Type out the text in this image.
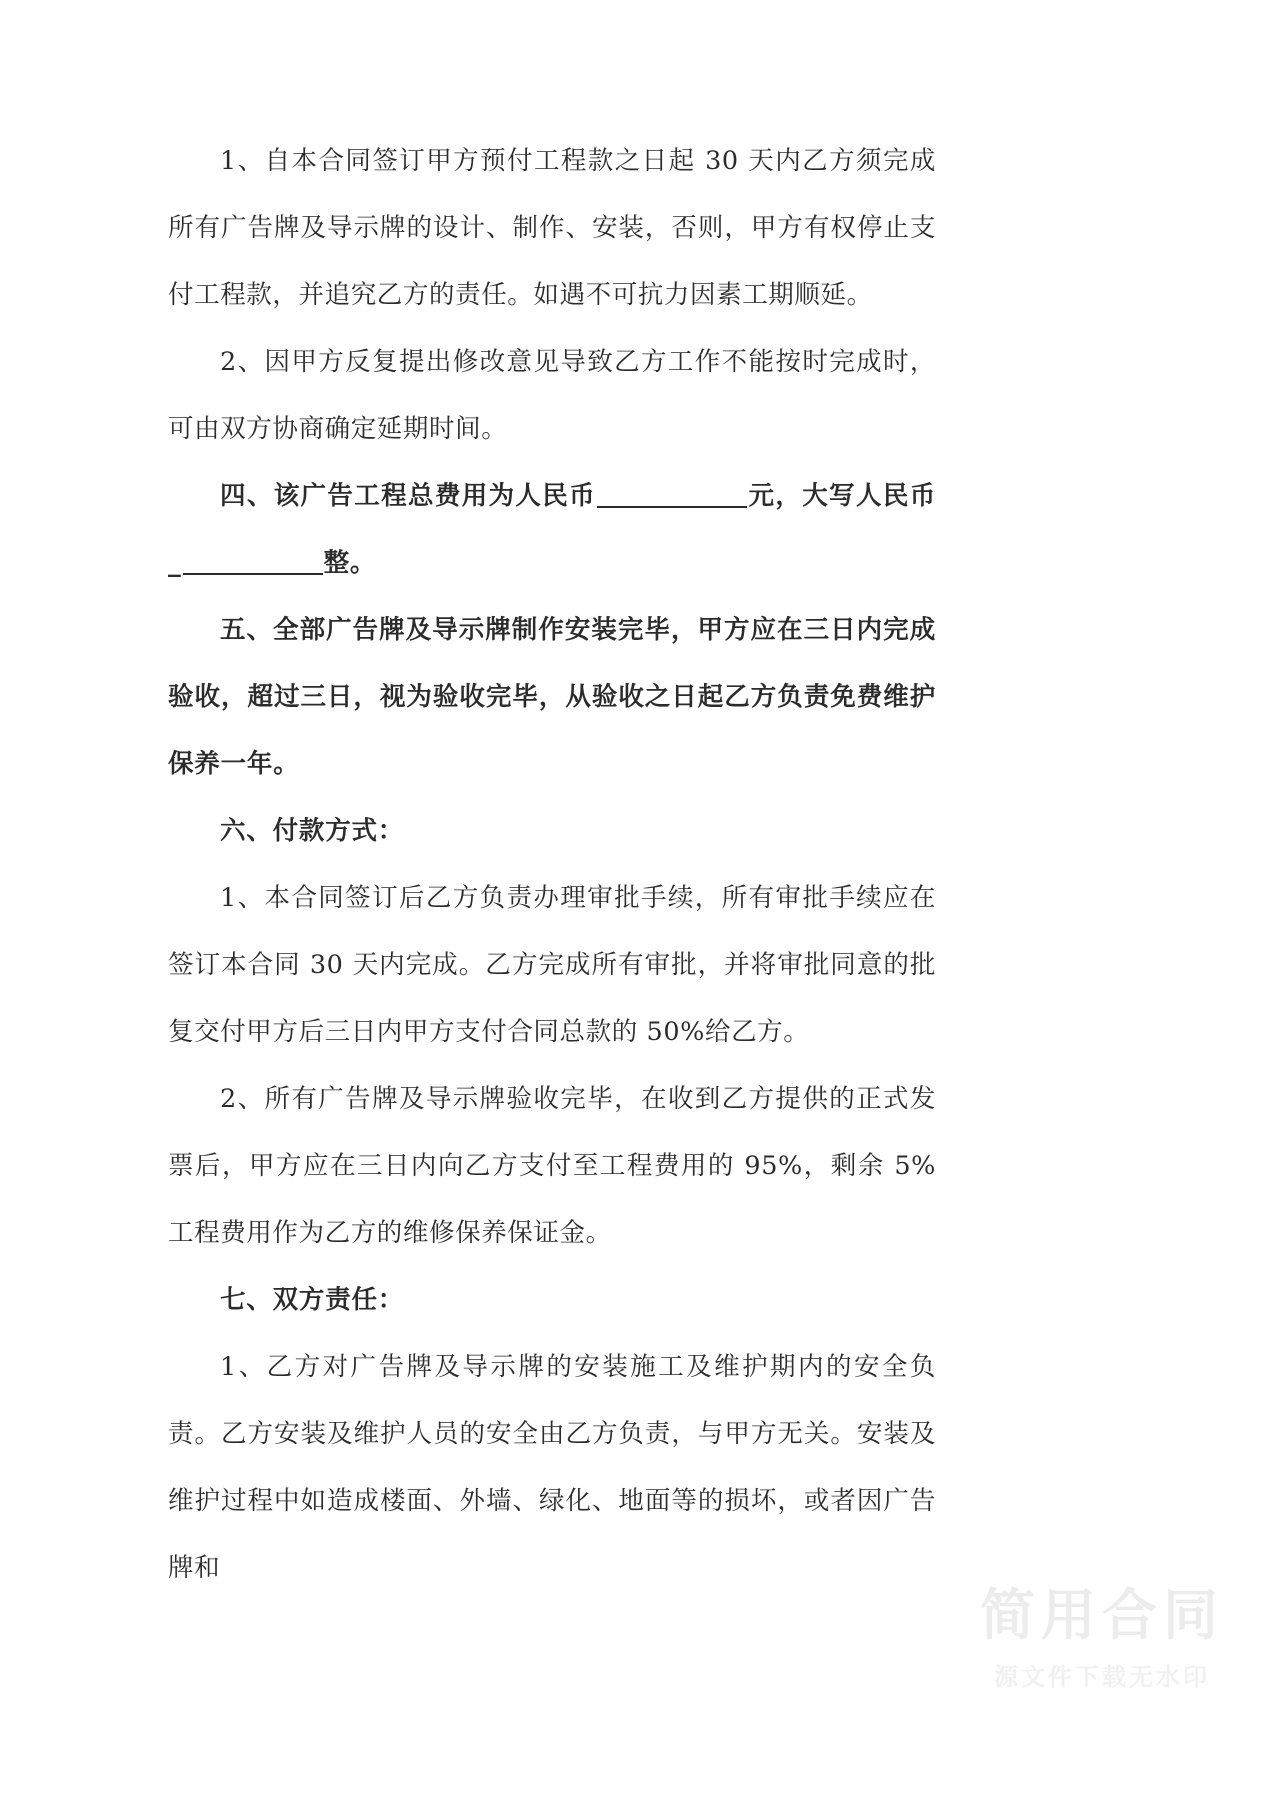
1、自本合同签订甲方预付工程款之日起 30 天内乙方须完成所有广告牌及导示牌的设计、制作、安装，否则，甲方有权停止支付工程款，并追究乙方的责任。如遇不可抗力因素工期顺延。

2、因甲方反复提出修改意见导致乙方工作不能按时完成时，可由双方协商确定延期时间。

四、该广告工程总费用为人民币	元，大写人民币_	整。

五、全部广告牌及导示牌制作安装完毕，甲方应在三日内完成验收，超过三日，视为验收完毕，从验收之日起乙方负责免费维护保养一年。

六、付款方式：

1、本合同签订后乙方负责办理审批手续，所有审批手续应在签订本合同 30 天内完成。乙方完成所有审批，并将审批同意的批复交付甲方后三日内甲方支付合同总款的 50%给乙方。

2、所有广告牌及导示牌验收完毕，在收到乙方提供的正式发票后，甲方应在三日内向乙方支付至工程费用的 95%，剩余 5%工程费用作为乙方的维修保养保证金。

七、双方责任：

1、乙方对广告牌及导示牌的安装施工及维护期内的安全负责。乙方安装及维护人员的安全由乙方负责，与甲方无关。安装及维护过程中如造成楼面、外墙、绿化、地面等的损坏，或者因广告牌和

简用合同
源文件下载无水印
